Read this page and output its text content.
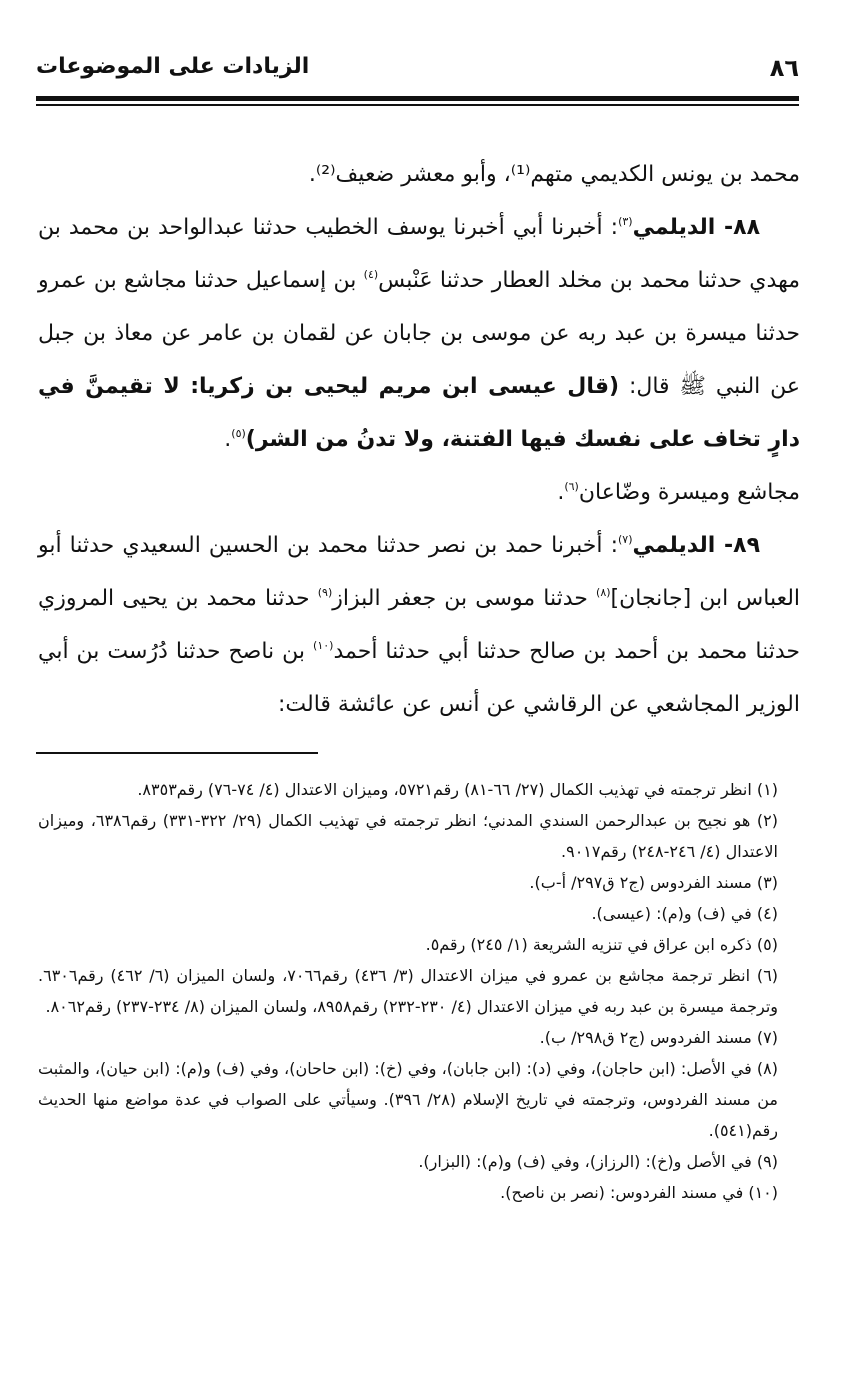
٨٦
الزيادات على الموضوعات

محمد بن يونس الكديمي متهم⁽¹⁾، وأبو معشر ضعيف⁽²⁾.

٨٨- الديلمي$^{(٣)}$: أخبرنا أبي أخبرنا يوسف الخطيب حدثنا عبدالواحد بن محمد بن مهدي حدثنا محمد بن مخلد العطار حدثنا عَنْبس$^{(٤)}$ بن إسماعيل حدثنا مجاشع بن عمرو حدثنا ميسرة بن عبد ربه عن موسى بن جابان عن لقمان بن عامر عن معاذ بن جبل عن النبي ﷺ قال: (قال عيسى ابن مريم ليحيى بن زكريا: لا تقيمنَّ في دارٍ تخاف على نفسك فيها الفتنة، ولا تدنُ من الشر)$^{(٥)}$.

مجاشع وميسرة وضّاعان$^{(٦)}$.

٨٩- الديلمي$^{(٧)}$: أخبرنا حمد بن نصر حدثنا محمد بن الحسين السعيدي حدثنا أبو العباس ابن [جانجان]$^{(٨)}$ حدثنا موسى بن جعفر البزاز$^{(٩)}$ حدثنا محمد بن يحيى المروزي حدثنا محمد بن أحمد بن صالح حدثنا أبي حدثنا أحمد$^{(١٠)}$ بن ناصح حدثنا دُرُست بن أبي الوزير المجاشعي عن الرقاشي عن أنس عن عائشة قالت:

(١) انظر ترجمته في تهذيب الكمال (٢٧/ ٦٦-٨١) رقم٥٧٢١، وميزان الاعتدال (٤/ ٧٤-٧٦) رقم٨٣٥٣.

(٢) هو نجيح بن عبدالرحمن السندي المدني؛ انظر ترجمته في تهذيب الكمال (٢٩/ ٣٢٢-٣٣١) رقم٦٣٨٦، وميزان الاعتدال (٤/ ٢٤٦-٢٤٨) رقم٩٠١٧.

(٣) مسند الفردوس (ج٢ ق٢٩٧/ أ-ب).

(٤) في (ف) و(م): (عيسى).

(٥) ذكره ابن عراق في تنزيه الشريعة (١/ ٢٤٥) رقم٥.

(٦) انظر ترجمة مجاشع بن عمرو في ميزان الاعتدال (٣/ ٤٣٦) رقم٧٠٦٦، ولسان الميزان (٦/ ٤٦٢) رقم٦٣٠٦. وترجمة ميسرة بن عبد ربه في ميزان الاعتدال (٤/ ٢٣٠-٢٣٢) رقم٨٩٥٨، ولسان الميزان (٨/ ٢٣٤-٢٣٧) رقم٨٠٦٢.

(٧) مسند الفردوس (ج٢ ق٢٩٨/ ب).

(٨) في الأصل: (ابن حاجان)، وفي (د): (ابن جابان)، وفي (خ): (ابن حاحان)، وفي (ف) و(م): (ابن حيان)، والمثبت من مسند الفردوس، وترجمته في تاريخ الإسلام (٢٨/ ٣٩٦). وسيأتي على الصواب في عدة مواضع منها الحديث رقم(٥٤١).

(٩) في الأصل و(خ): (الرزاز)، وفي (ف) و(م): (البزار).

(١٠) في مسند الفردوس: (نصر بن ناصح).
